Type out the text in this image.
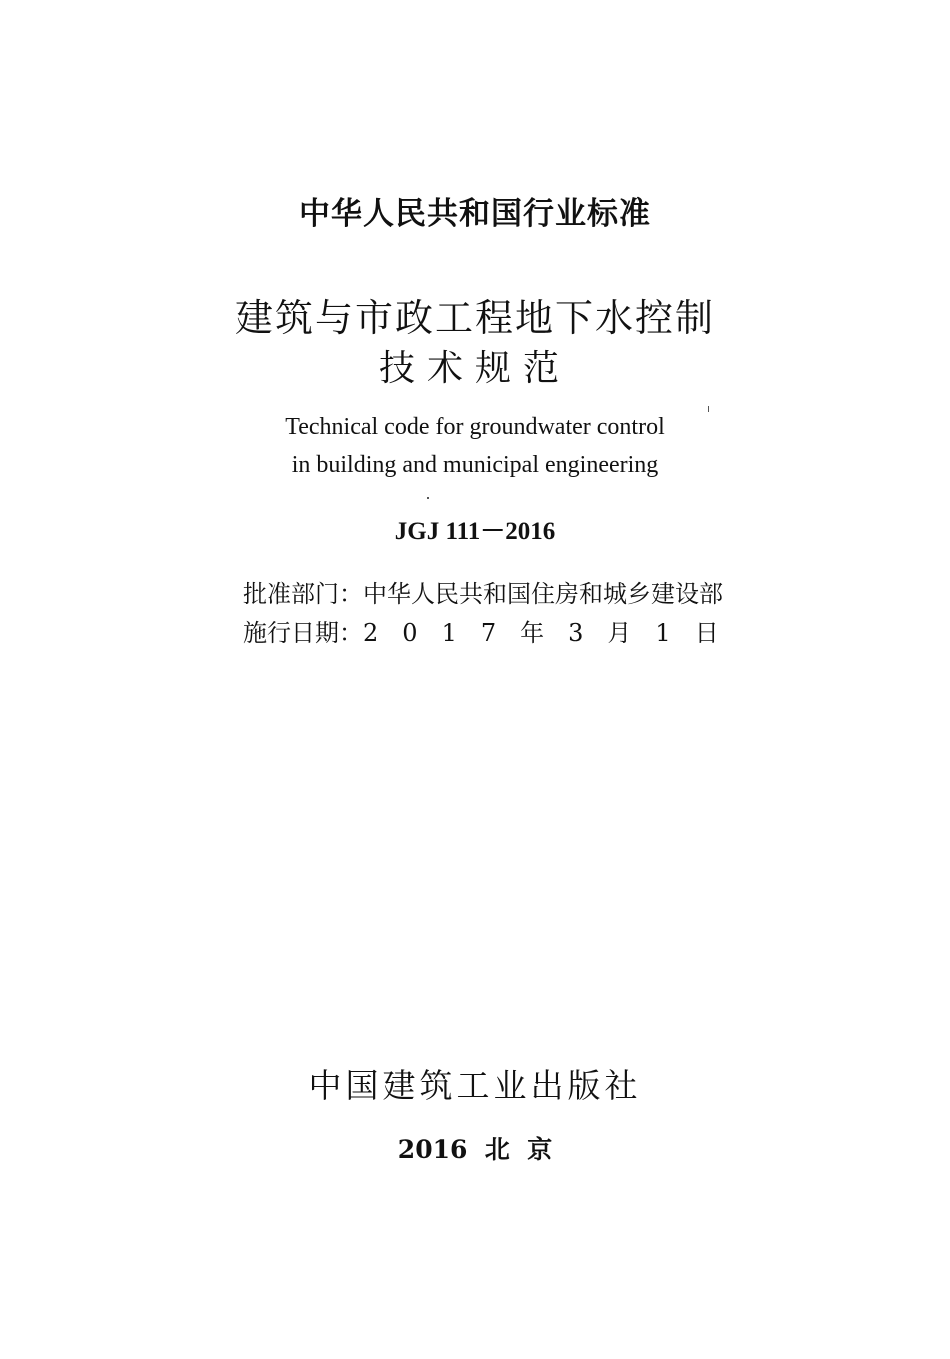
中华人民共和国行业标准
建筑与市政工程地下水控制
技术规范
Technical code for groundwater control
in building and municipal engineering
JGJ 111－2016
批准部门：中华人民共和国住房和城乡建设部
施行日期：2 0 1 7 年 3 月 1 日
中国建筑工业出版社
2016  北  京
